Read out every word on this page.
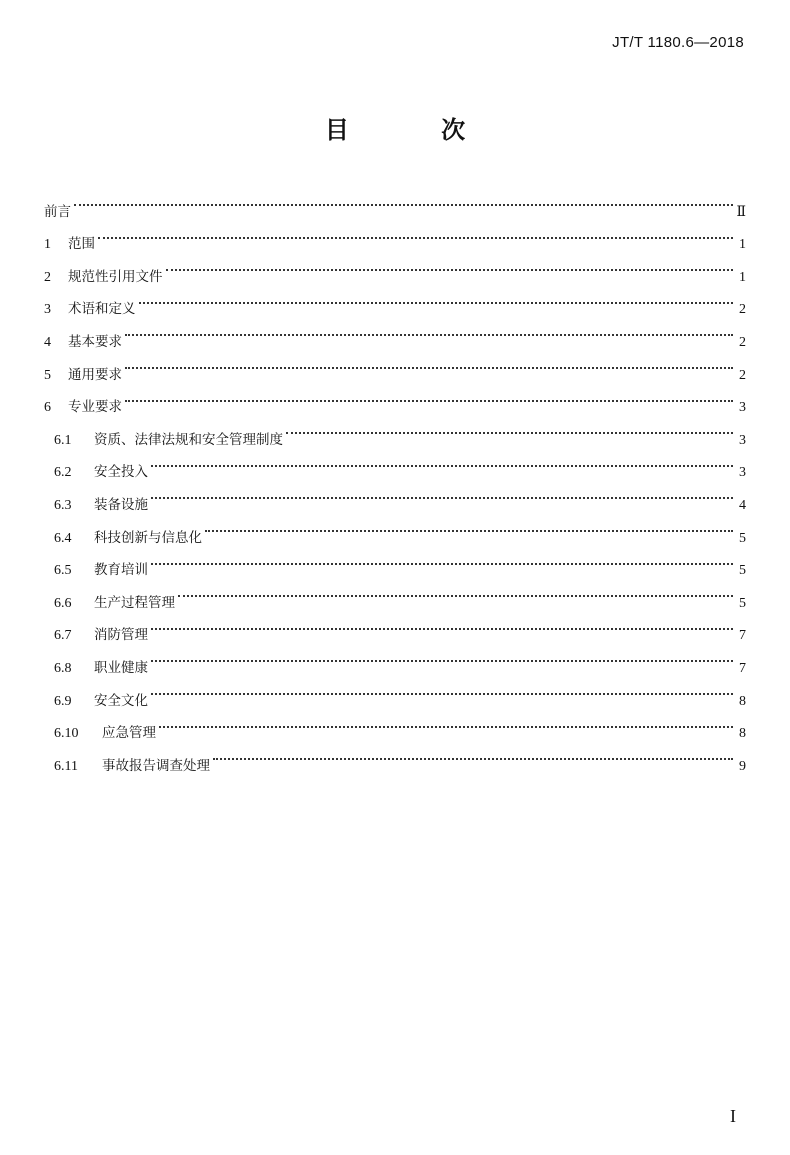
JT/T 1180.6—2018
目 次
前言	Ⅱ
1	范围	1
2	规范性引用文件	1
3	术语和定义	2
4	基本要求	2
5	通用要求	2
6	专业要求	3
6.1	资质、法律法规和安全管理制度	3
6.2	安全投入	3
6.3	装备设施	4
6.4	科技创新与信息化	5
6.5	教育培训	5
6.6	生产过程管理	5
6.7	消防管理	7
6.8	职业健康	7
6.9	安全文化	8
6.10	应急管理	8
6.11	事故报告调查处理	9
I
